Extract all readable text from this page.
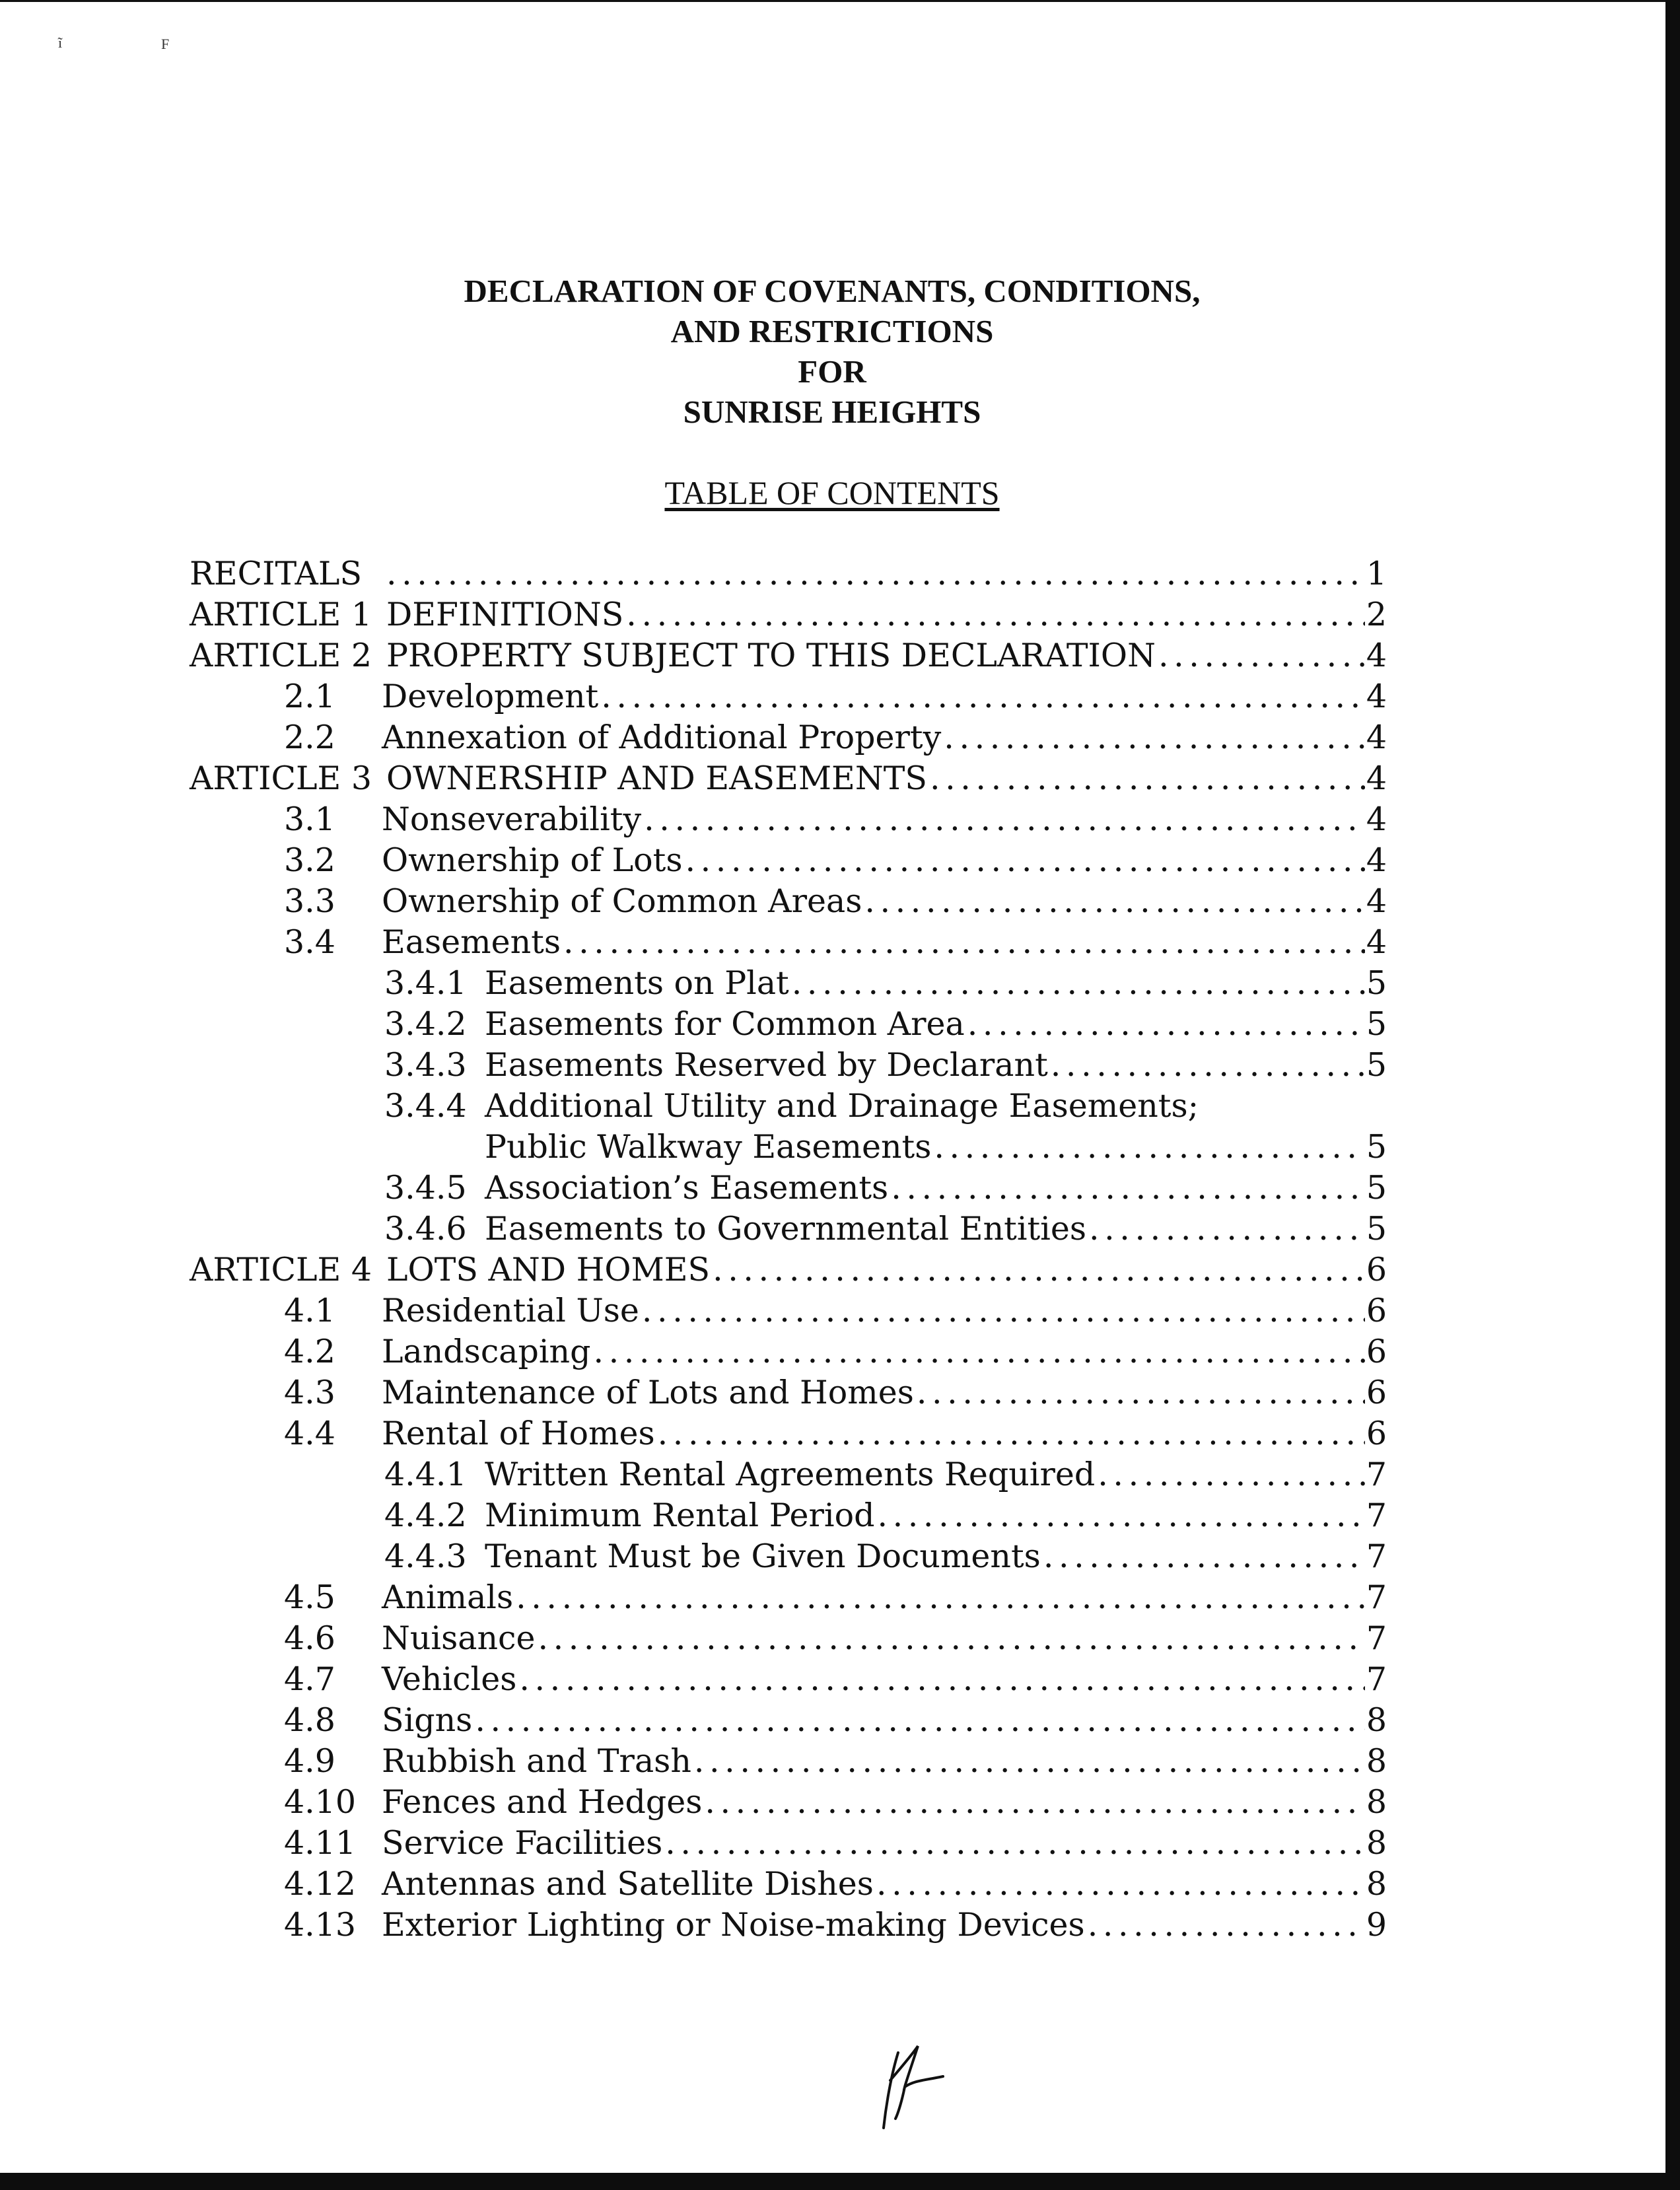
ĩ	F
DECLARATION OF COVENANTS, CONDITIONS,
AND RESTRICTIONS
FOR
SUNRISE HEIGHTS
TABLE OF CONTENTS
RECITALS . . .	1
ARTICLE 1 DEFINITIONS . . .	2
ARTICLE 2 PROPERTY SUBJECT TO THIS DECLARATION . . .	4
2.1 Development . . .	4
2.2 Annexation of Additional Property . . .	4
ARTICLE 3 OWNERSHIP AND EASEMENTS . . .	4
3.1 Nonseverability . . .	4
3.2 Ownership of Lots . . .	4
3.3 Ownership of Common Areas . . .	4
3.4 Easements . . .	4
3.4.1 Easements on Plat . . .	5
3.4.2 Easements for Common Area . . .	5
3.4.3 Easements Reserved by Declarant . . .	5
3.4.4 Additional Utility and Drainage Easements;
Public Walkway Easements . . .	5
3.4.5 Association’s Easements . . .	5
3.4.6 Easements to Governmental Entities . . .	5
ARTICLE 4 LOTS AND HOMES . . .	6
4.1 Residential Use . . .	6
4.2 Landscaping . . .	6
4.3 Maintenance of Lots and Homes . . .	6
4.4 Rental of Homes . . .	6
4.4.1 Written Rental Agreements Required . . .	7
4.4.2 Minimum Rental Period . . .	7
4.4.3 Tenant Must be Given Documents . . .	7
4.5 Animals . . .	7
4.6 Nuisance . . .	7
4.7 Vehicles . . .	7
4.8 Signs . . .	8
4.9 Rubbish and Trash . . .	8
4.10 Fences and Hedges . . .	8
4.11 Service Facilities . . .	8
4.12 Antennas and Satellite Dishes . . .	8
4.13 Exterior Lighting or Noise-making Devices . . .	9
